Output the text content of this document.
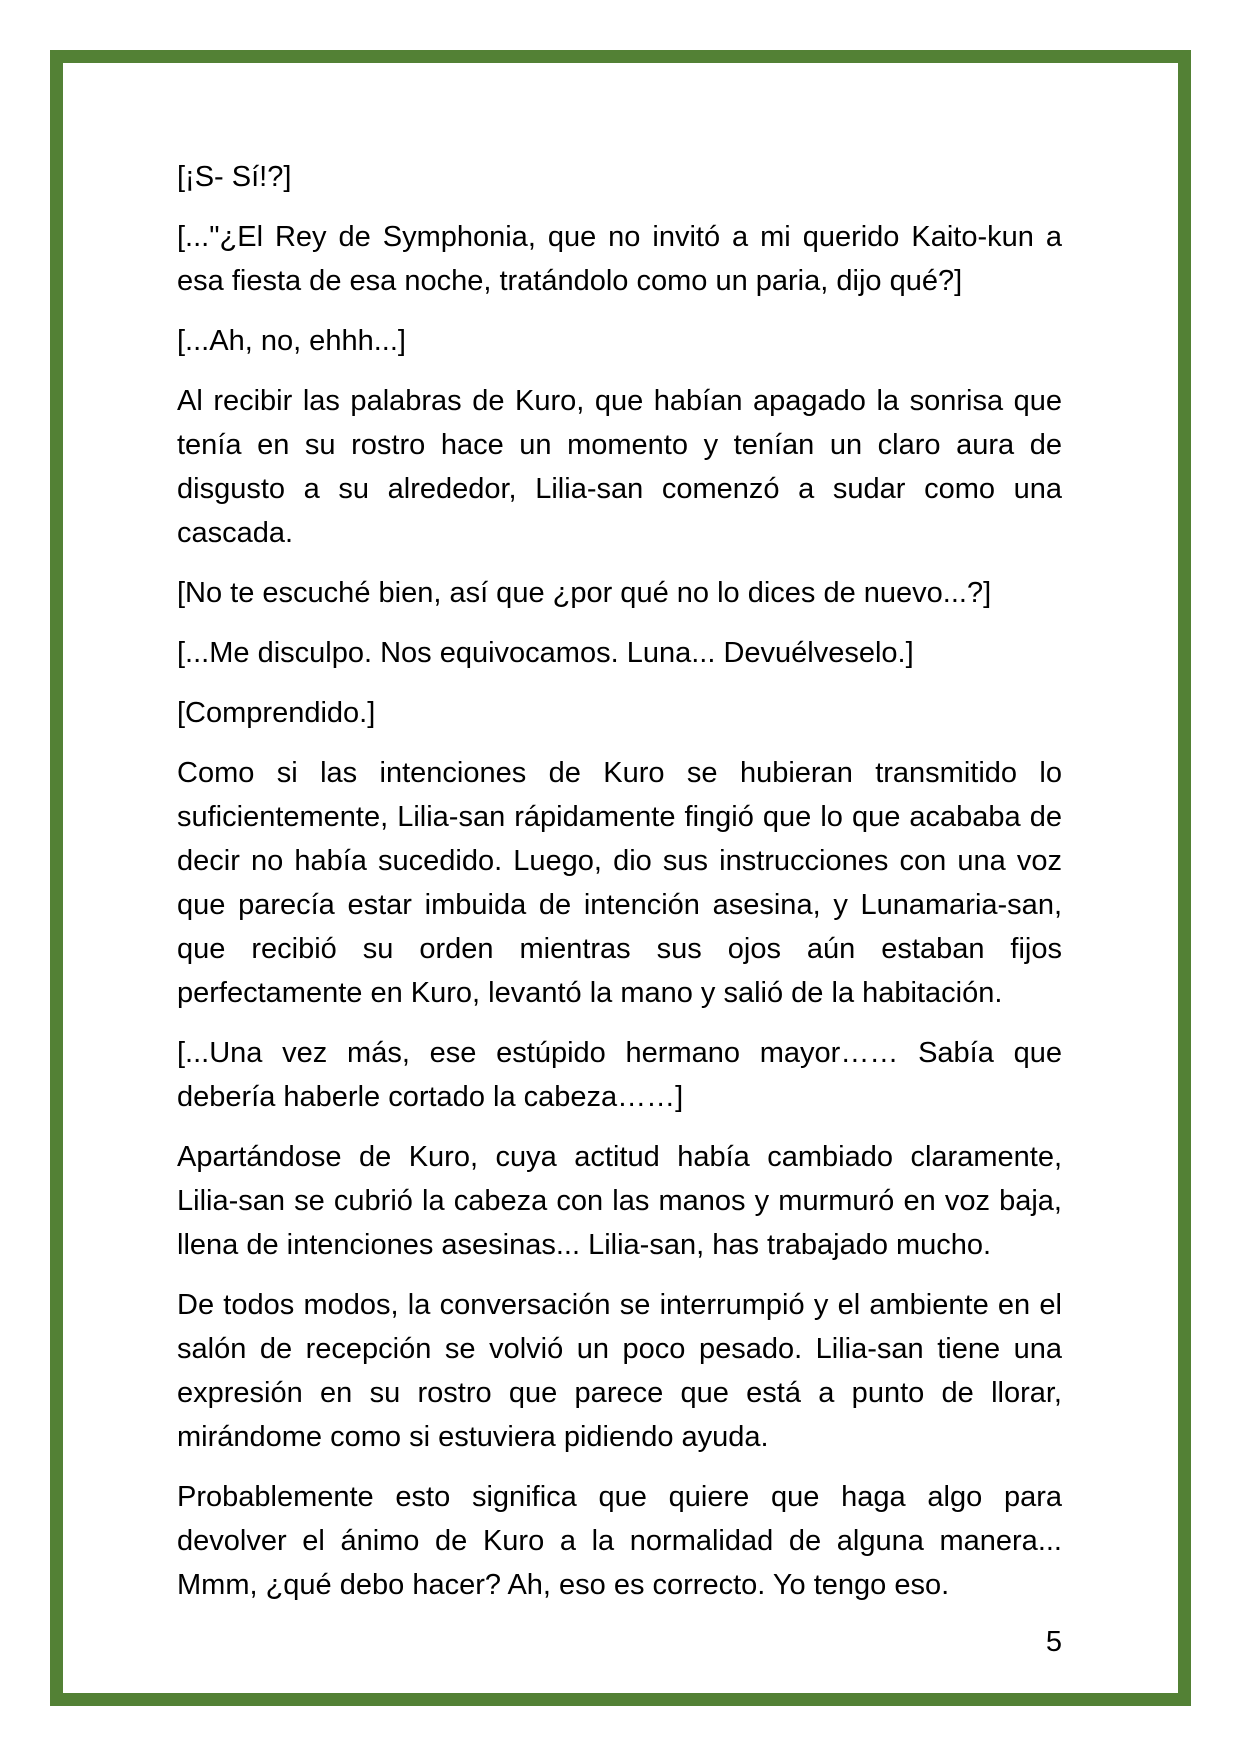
[¡S- Sí!?]

[..."¿El Rey de Symphonia, que no invitó a mi querido Kaito-kun a esa fiesta de esa noche, tratándolo como un paria, dijo qué?]

[...Ah, no, ehhh...]

Al recibir las palabras de Kuro, que habían apagado la sonrisa que tenía en su rostro hace un momento y tenían un claro aura de disgusto a su alrededor, Lilia-san comenzó a sudar como una cascada.

[No te escuché bien, así que ¿por qué no lo dices de nuevo...?]

[...Me disculpo. Nos equivocamos. Luna... Devuélveselo.]

[Comprendido.]

Como si las intenciones de Kuro se hubieran transmitido lo suficientemente, Lilia-san rápidamente fingió que lo que acababa de decir no había sucedido. Luego, dio sus instrucciones con una voz que parecía estar imbuida de intención asesina, y Lunamaria-san, que recibió su orden mientras sus ojos aún estaban fijos perfectamente en Kuro, levantó la mano y salió de la habitación.

[...Una vez más, ese estúpido hermano mayor…… Sabía que debería haberle cortado la cabeza……]

Apartándose de Kuro, cuya actitud había cambiado claramente, Lilia-san se cubrió la cabeza con las manos y murmuró en voz baja, llena de intenciones asesinas... Lilia-san, has trabajado mucho.

De todos modos, la conversación se interrumpió y el ambiente en el salón de recepción se volvió un poco pesado. Lilia-san tiene una expresión en su rostro que parece que está a punto de llorar, mirándome como si estuviera pidiendo ayuda.

Probablemente esto significa que quiere que haga algo para devolver el ánimo de Kuro a la normalidad de alguna manera... Mmm, ¿qué debo hacer? Ah, eso es correcto. Yo tengo eso.

5
